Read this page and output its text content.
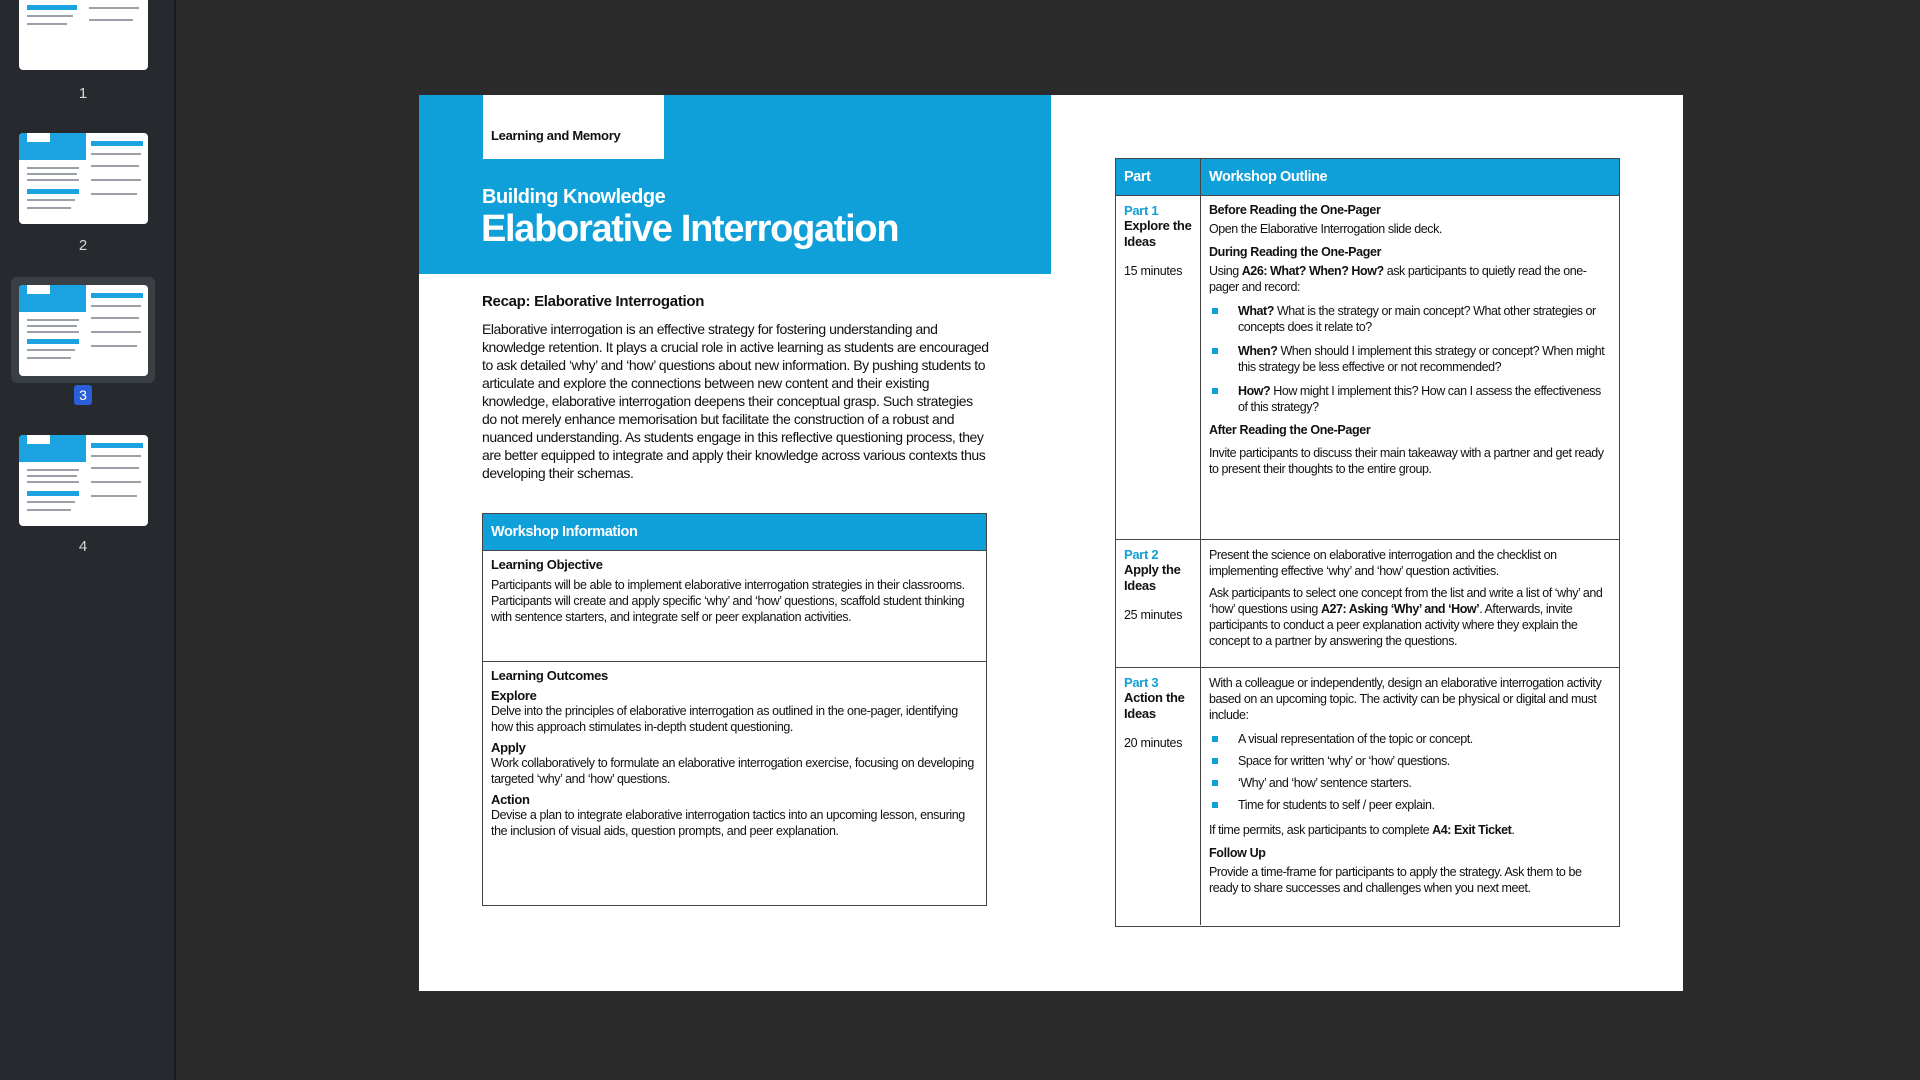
1
2
3
4
Learning and Memory
Building Knowledge
Elaborative Interrogation
Recap: Elaborative Interrogation
Elaborative interrogation is an effective strategy for fostering understanding and knowledge retention. It plays a crucial role in active learning as students are encouraged to ask detailed ‘why’ and ‘how’ questions about new information. By pushing students to articulate and explore the connections between new content and their existing knowledge, elaborative interrogation deepens their conceptual grasp. Such strategies do not merely enhance memorisation but facilitate the construction of a robust and nuanced understanding. As students engage in this reflective questioning process, they are better equipped to integrate and apply their knowledge across various contexts thus developing their schemas.
Workshop Information
Learning Objective
Participants will be able to implement elaborative interrogation strategies in their classrooms. Participants will create and apply specific ‘why’ and ‘how’ questions, scaffold student thinking with sentence starters, and integrate self or peer explanation activities.
Learning Outcomes
Explore
Delve into the principles of elaborative interrogation as outlined in the one-pager, identifying how this approach stimulates in-depth student questioning.
Apply
Work collaboratively to formulate an elaborative interrogation exercise, focusing on developing targeted ‘why’ and ‘how’ questions.
Action
Devise a plan to integrate elaborative interrogation tactics into an upcoming lesson, ensuring the inclusion of visual aids, question prompts, and peer explanation.
Part	Workshop Outline
Part 1
Explore the Ideas
15 minutes
Before Reading the One-Pager
Open the Elaborative Interrogation slide deck.
During Reading the One-Pager
Using A26: What? When? How? ask participants to quietly read the one-pager and record:
What? What is the strategy or main concept? What other strategies or concepts does it relate to?
When? When should I implement this strategy or concept? When might this strategy be less effective or not recommended?
How? How might I implement this? How can I assess the effectiveness of this strategy?
After Reading the One-Pager
Invite participants to discuss their main takeaway with a partner and get ready to present their thoughts to the entire group.
Part 2
Apply the Ideas
25 minutes
Present the science on elaborative interrogation and the checklist on implementing effective ‘why’ and ‘how’ question activities.
Ask participants to select one concept from the list and write a list of ‘why’ and ‘how’ questions using A27: Asking ‘Why’ and ‘How’. Afterwards, invite participants to conduct a peer explanation activity where they explain the concept to a partner by answering the questions.
Part 3
Action the Ideas
20 minutes
With a colleague or independently, design an elaborative interrogation activity based on an upcoming topic. The activity can be physical or digital and must include:
A visual representation of the topic or concept.
Space for written ‘why’ or ‘how’ questions.
‘Why’ and ‘how’ sentence starters.
Time for students to self / peer explain.
If time permits, ask participants to complete A4: Exit Ticket.
Follow Up
Provide a time-frame for participants to apply the strategy. Ask them to be ready to share successes and challenges when you next meet.
